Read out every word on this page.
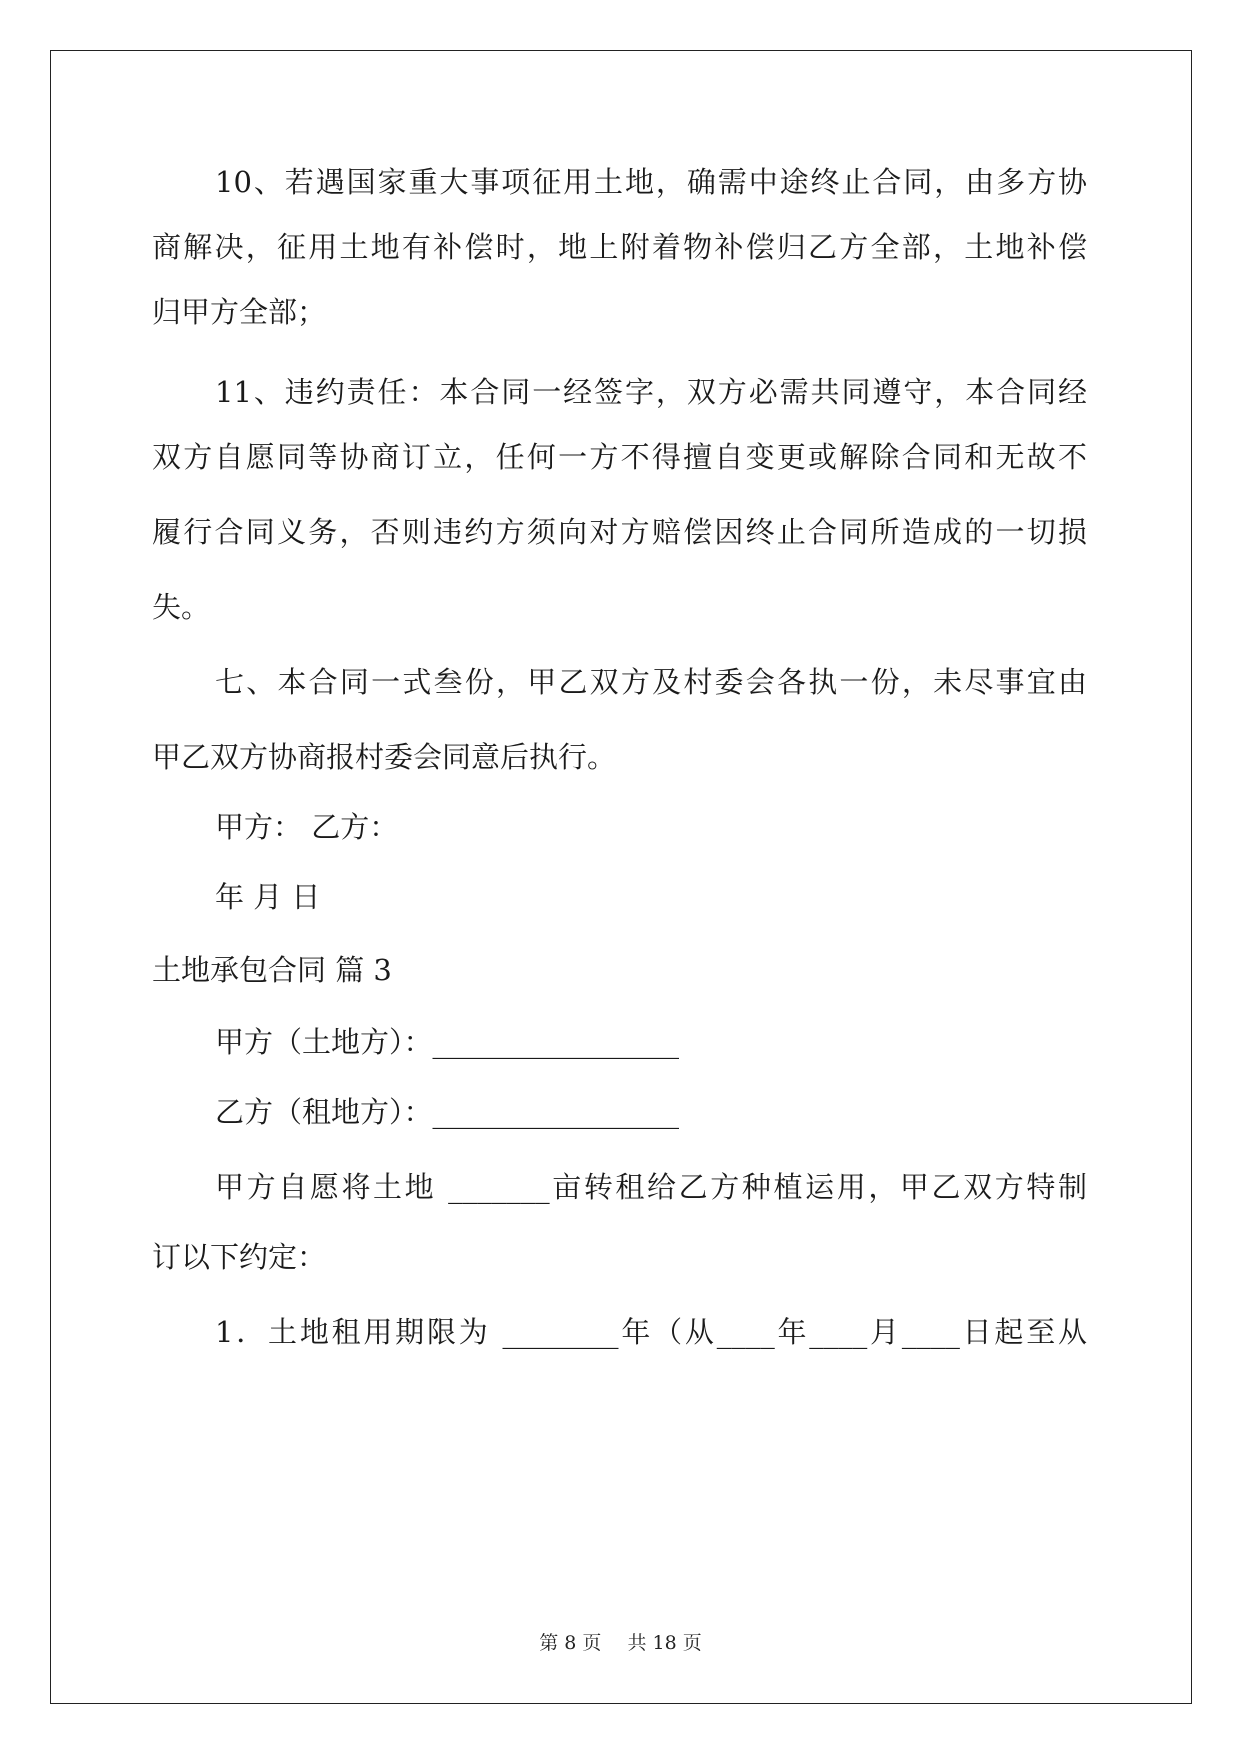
10、若遇国家重大事项征用土地，确需中途终止合同，由多方协
商解决，征用土地有补偿时，地上附着物补偿归乙方全部，土地补偿
归甲方全部；
11、违约责任：本合同一经签字，双方必需共同遵守，本合同经
双方自愿同等协商订立，任何一方不得擅自变更或解除合同和无故不
履行合同义务，否则违约方须向对方赔偿因终止合同所造成的一切损
失。
七、本合同一式叁份，甲乙双方及村委会各执一份，未尽事宜由
甲乙双方协商报村委会同意后执行。
甲方： 乙方：
年 月 日
土地承包合同 篇 3
甲方（土地方）：_________________
乙方（租地方）：_________________
甲方自愿将土地 _______亩转租给乙方种植运用，甲乙双方特制
订以下约定：
1．土地租用期限为 ________年（从____年____月____日起至从
第 8 页 共 18 页
